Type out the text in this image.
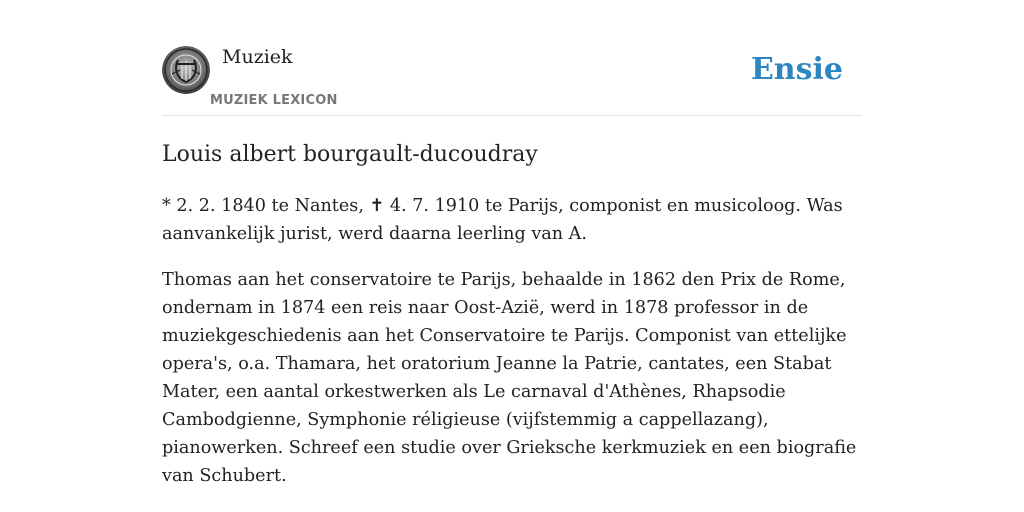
Muziek
MUZIEK LEXICON
Ensie
Louis albert bourgault-ducoudray

* 2. 2. 1840 te Nantes, ✝ 4. 7. 1910 te Parijs, componist en musicoloog. Was aanvankelijk jurist, werd daarna leerling van A.

Thomas aan het conservatoire te Parijs, behaalde in 1862 den Prix de Rome, ondernam in 1874 een reis naar Oost-Azië, werd in 1878 professor in de muziekgeschiedenis aan het Conservatoire te Parijs. Componist van ettelijke opera's, o.a. Thamara, het oratorium Jeanne la Patrie, cantates, een Stabat Mater, een aantal orkestwerken als Le carnaval d'Athènes, Rhapsodie Cambodgienne, Symphonie réligieuse (vijfstemmig a cappellazang), pianowerken. Schreef een studie over Grieksche kerkmuziek en een biografie van Schubert.
